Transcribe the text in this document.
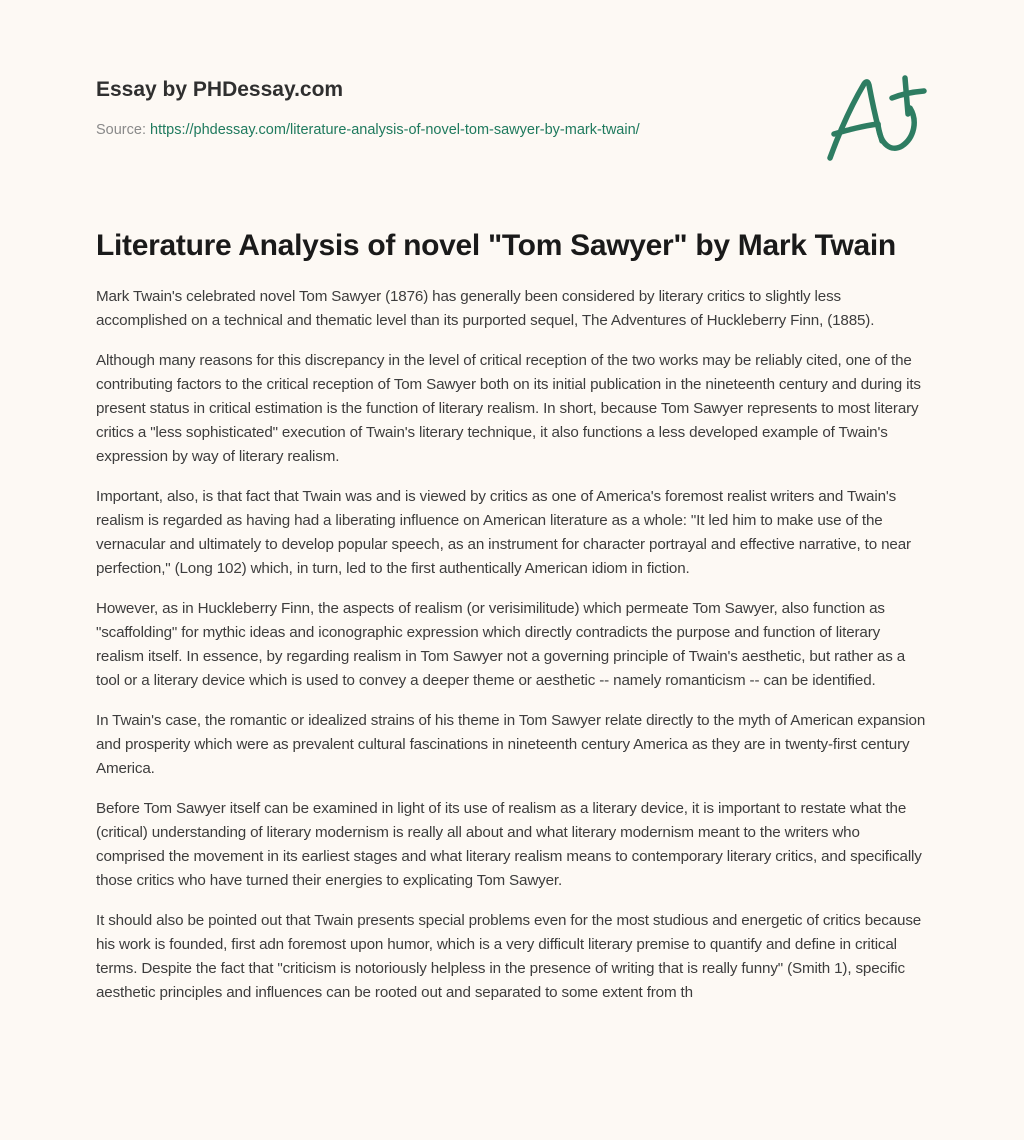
Essay by PHDessay.com
Source: https://phdessay.com/literature-analysis-of-novel-tom-sawyer-by-mark-twain/
Literature Analysis of novel "Tom Sawyer" by Mark Twain

Mark Twain's celebrated novel Tom Sawyer (1876) has generally been considered by literary critics to slightly less accomplished on a technical and thematic level than its purported sequel, The Adventures of Huckleberry Finn, (1885).

Although many reasons for this discrepancy in the level of critical reception of the two works may be reliably cited, one of the contributing factors to the critical reception of Tom Sawyer both on its initial publication in the nineteenth century and during its present status in critical estimation is the function of literary realism. In short, because Tom Sawyer represents to most literary critics a "less sophisticated" execution of Twain's literary technique, it also functions a less developed example of Twain's expression by way of literary realism.

Important, also, is that fact that Twain was and is viewed by critics as one of America's foremost realist writers and Twain's realism is regarded as having had a liberating influence on American literature as a whole: "It led him to make use of the vernacular and ultimately to develop popular speech, as an instrument for character portrayal and effective narrative, to near perfection," (Long 102) which, in turn, led to the first authentically American idiom in fiction.

However, as in Huckleberry Finn, the aspects of realism (or verisimilitude) which permeate Tom Sawyer, also function as "scaffolding" for mythic ideas and iconographic expression which directly contradicts the purpose and function of literary realism itself. In essence, by regarding realism in Tom Sawyer not a governing principle of Twain's aesthetic, but rather as a tool or a literary device which is used to convey a deeper theme or aesthetic -- namely romanticism -- can be identified.

In Twain's case, the romantic or idealized strains of his theme in Tom Sawyer relate directly to the myth of American expansion and prosperity which were as prevalent cultural fascinations in nineteenth century America as they are in twenty-first century America.

Before Tom Sawyer itself can be examined in light of its use of realism as a literary device, it is important to restate what the (critical) understanding of literary modernism is really all about and what literary modernism meant to the writers who comprised the movement in its earliest stages and what literary realism means to contemporary literary critics, and specifically those critics who have turned their energies to explicating Tom Sawyer.

It should also be pointed out that Twain presents special problems even for the most studious and energetic of critics because his work is founded, first adn foremost upon humor, which is a very difficult literary premise to quantify and define in critical terms. Despite the fact that "criticism is notoriously helpless in the presence of writing that is really funny" (Smith 1), specific aesthetic principles and influences can be rooted out and separated to some extent from th
